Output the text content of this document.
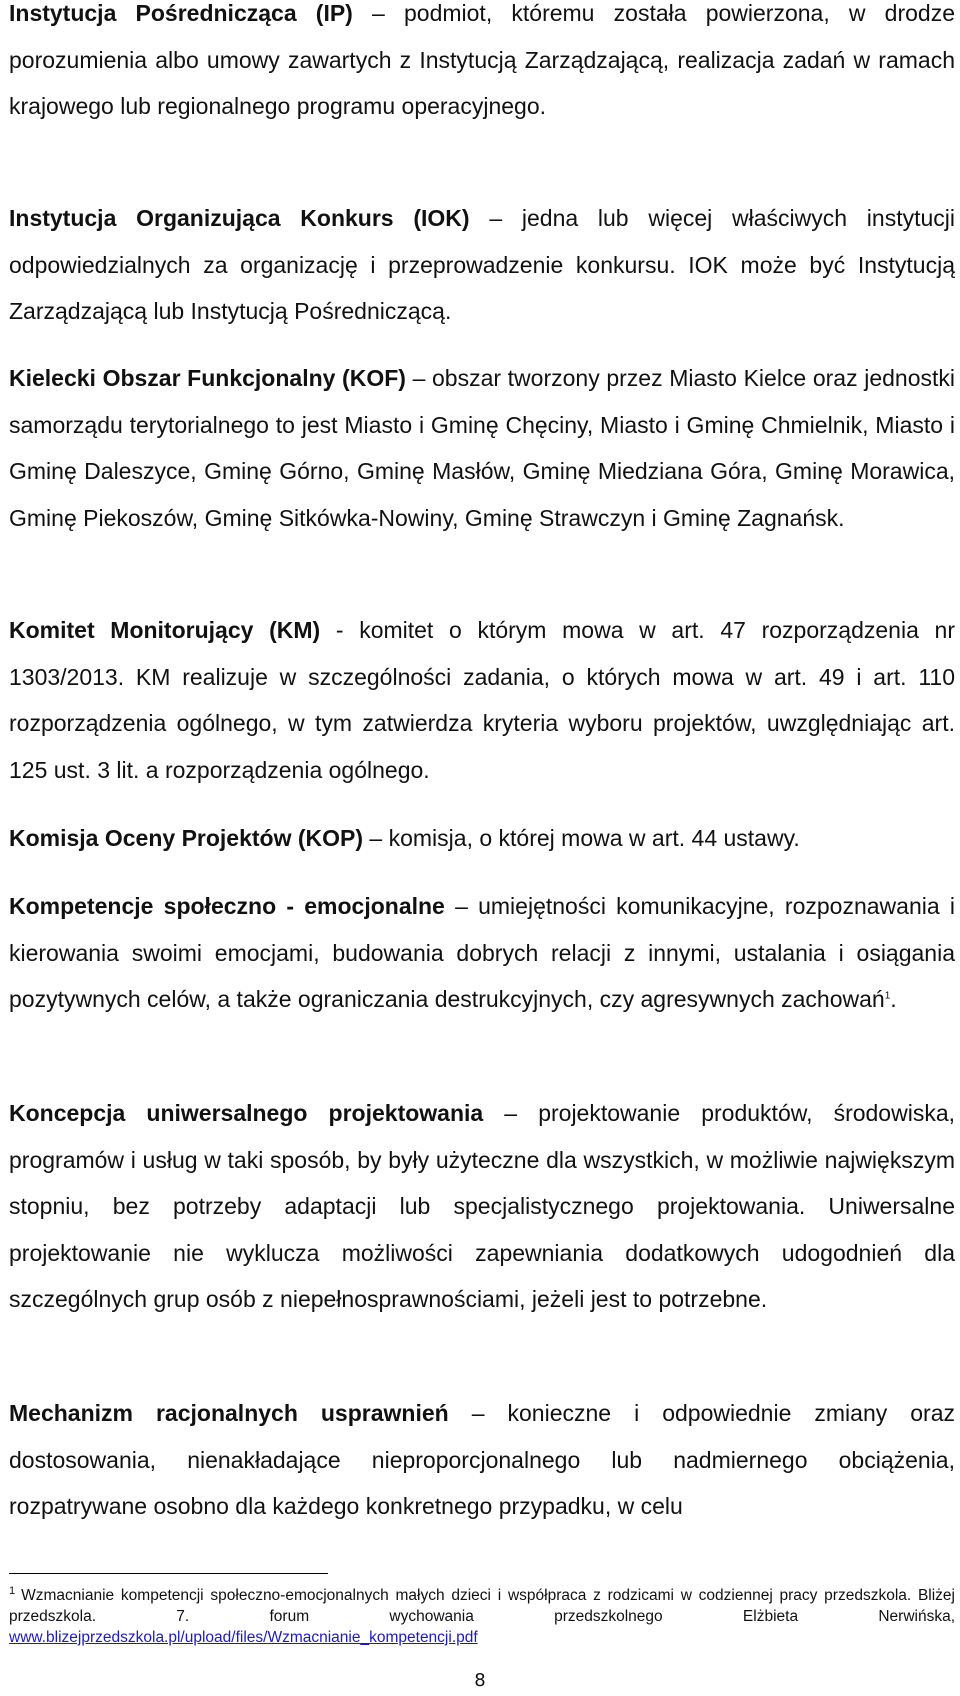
Instytucja Pośrednicząca (IP) – podmiot, któremu została powierzona, w drodze porozumienia albo umowy zawartych z Instytucją Zarządzającą, realizacja zadań w ramach krajowego lub regionalnego programu operacyjnego.

Instytucja Organizująca Konkurs (IOK) – jedna lub więcej właściwych instytucji odpowiedzialnych za organizację i przeprowadzenie konkursu. IOK może być Instytucją Zarządzającą lub Instytucją Pośredniczącą.

Kielecki Obszar Funkcjonalny (KOF) – obszar tworzony przez Miasto Kielce oraz jednostki samorządu terytorialnego to jest Miasto i Gminę Chęciny, Miasto i Gminę Chmielnik, Miasto i Gminę Daleszyce, Gminę Górno, Gminę Masłów, Gminę Miedziana Góra, Gminę Morawica, Gminę Piekoszów, Gminę Sitkówka-Nowiny, Gminę Strawczyn i Gminę Zagnańsk.

Komitet Monitorujący (KM) - komitet o którym mowa w art. 47 rozporządzenia nr 1303/2013. KM realizuje w szczególności zadania, o których mowa w art. 49 i art. 110 rozporządzenia ogólnego, w tym zatwierdza kryteria wyboru projektów, uwzględniając art. 125 ust. 3 lit. a rozporządzenia ogólnego.

Komisja Oceny Projektów (KOP) – komisja, o której mowa w art. 44 ustawy.

Kompetencje społeczno - emocjonalne – umiejętności komunikacyjne, rozpoznawania i kierowania swoimi emocjami, budowania dobrych relacji z innymi, ustalania i osiągania pozytywnych celów, a także ograniczania destrukcyjnych, czy agresywnych zachowań$^1$.

Koncepcja uniwersalnego projektowania – projektowanie produktów, środowiska, programów i usług w taki sposób, by były użyteczne dla wszystkich, w możliwie największym stopniu, bez potrzeby adaptacji lub specjalistycznego projektowania. Uniwersalne projektowanie nie wyklucza możliwości zapewniania dodatkowych udogodnień dla szczególnych grup osób z niepełnosprawnościami, jeżeli jest to potrzebne.

Mechanizm racjonalnych usprawnień – konieczne i odpowiednie zmiany oraz dostosowania, nienakładające nieproporcjonalnego lub nadmiernego obciążenia, rozpatrywane osobno dla każdego konkretnego przypadku, w celu

$^1$ Wzmacnianie kompetencji społeczno-emocjonalnych małych dzieci i współpraca z rodzicami w codziennej pracy przedszkola. Bliżej przedszkola. 7. forum wychowania przedszkolnego Elżbieta Nerwińska, www.blizejprzedszkola.pl/upload/files/Wzmacnianie_kompetencji.pdf

8
